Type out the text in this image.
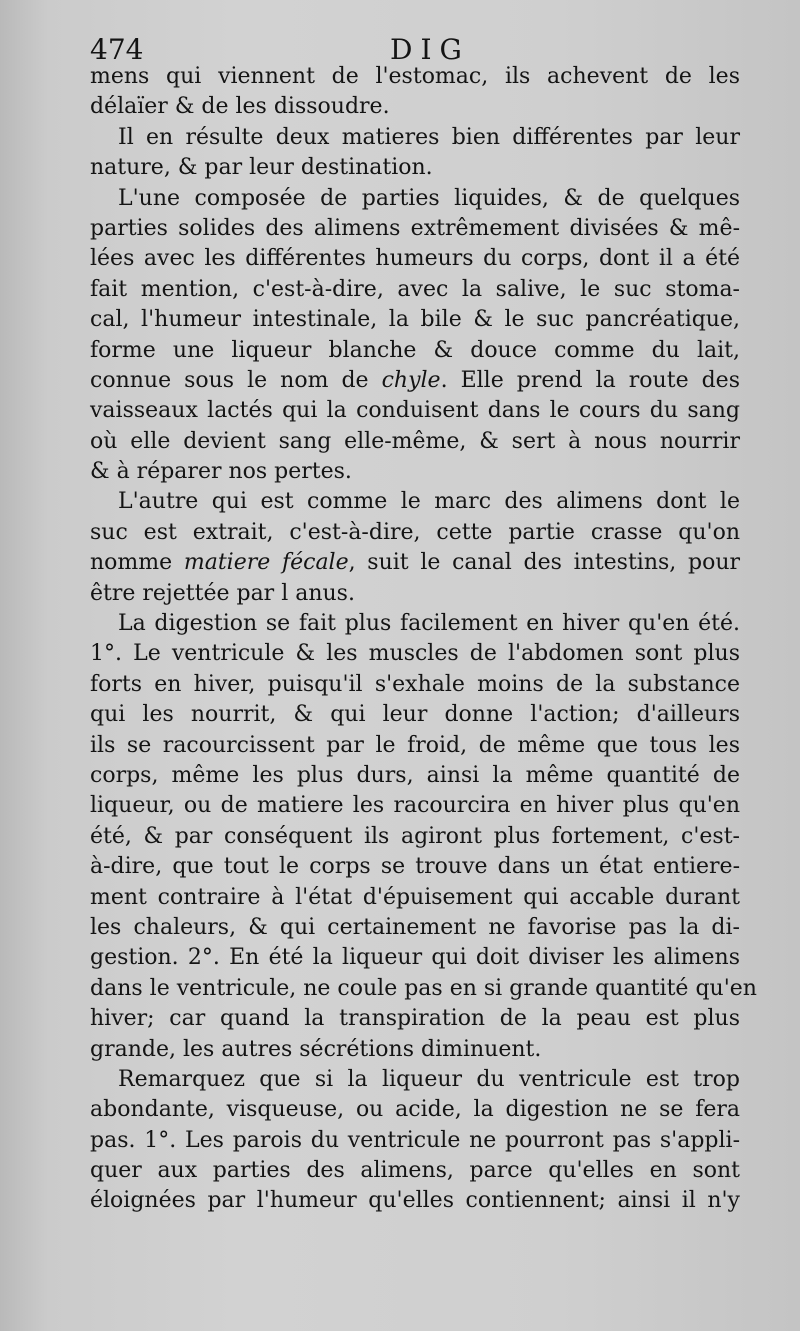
474	DIG
mens qui viennent de l'estomac, ils achevent de les
délaïer & de les dissoudre.
Il en résulte deux matieres bien différentes par leur
nature, & par leur destination.
L'une composée de parties liquides, & de quelques
parties solides des alimens extrêmement divisées & mê-
lées avec les différentes humeurs du corps, dont il a été
fait mention, c'est-à-dire, avec la salive, le suc stoma-
cal, l'humeur intestinale, la bile & le suc pancréatique,
forme une liqueur blanche & douce comme du lait,
connue sous le nom de chyle. Elle prend la route des
vaisseaux lactés qui la conduisent dans le cours du sang
où elle devient sang elle-même, & sert à nous nourrir
& à réparer nos pertes.
L'autre qui est comme le marc des alimens dont le
suc est extrait, c'est-à-dire, cette partie crasse qu'on
nomme matiere fécale, suit le canal des intestins, pour
être rejettée par l anus.
La digestion se fait plus facilement en hiver qu'en été.
1°. Le ventricule & les muscles de l'abdomen sont plus
forts en hiver, puisqu'il s'exhale moins de la substance
qui les nourrit, & qui leur donne l'action; d'ailleurs
ils se racourcissent par le froid, de même que tous les
corps, même les plus durs, ainsi la même quantité de
liqueur, ou de matiere les racourcira en hiver plus qu'en
été, & par conséquent ils agiront plus fortement, c'est-
à-dire, que tout le corps se trouve dans un état entiere-
ment contraire à l'état d'épuisement qui accable durant
les chaleurs, & qui certainement ne favorise pas la di-
gestion. 2°. En été la liqueur qui doit diviser les alimens
dans le ventricule, ne coule pas en si grande quantité qu'en
hiver; car quand la transpiration de la peau est plus
grande, les autres sécrétions diminuent.
Remarquez que si la liqueur du ventricule est trop
abondante, visqueuse, ou acide, la digestion ne se fera
pas. 1°. Les parois du ventricule ne pourront pas s'appli-
quer aux parties des alimens, parce qu'elles en sont
éloignées par l'humeur qu'elles contiennent; ainsi il n'y
